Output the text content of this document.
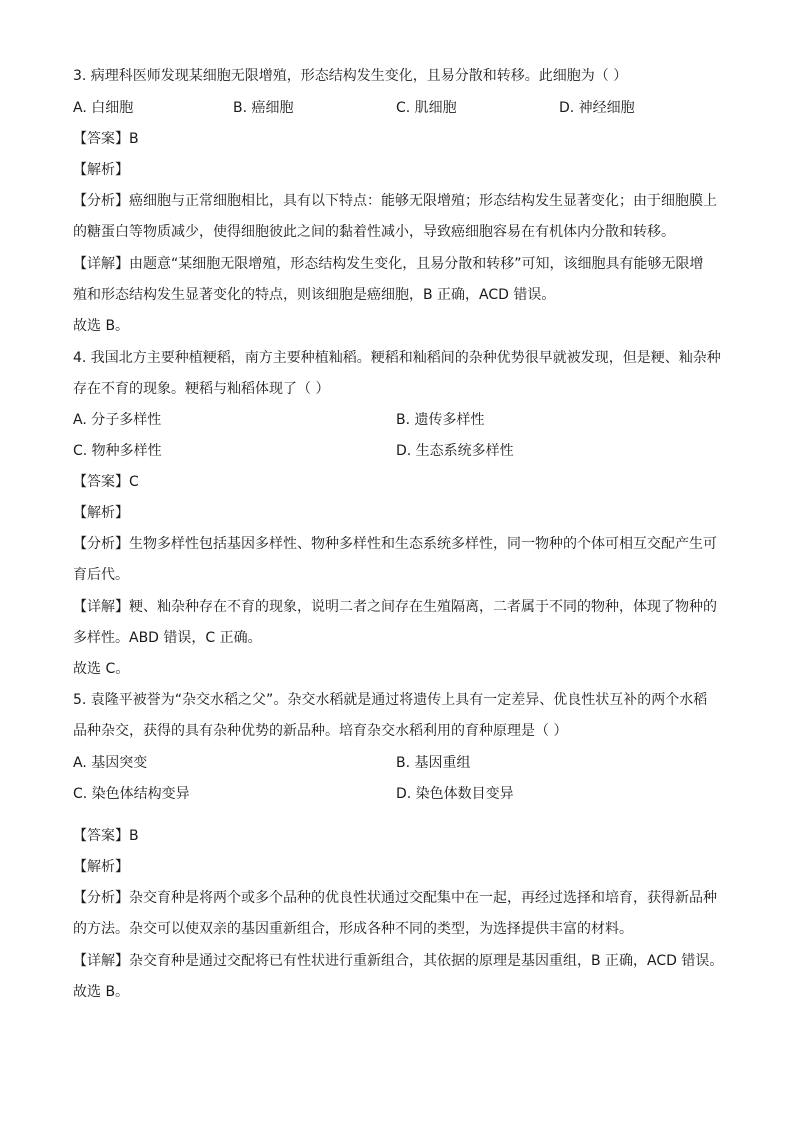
3. 病理科医师发现某细胞无限增殖，形态结构发生变化，且易分散和转移。此细胞为（ ）
A. 白细胞	B. 癌细胞	C. 肌细胞	D. 神经细胞
【答案】B
【解析】
【分析】癌细胞与正常细胞相比，具有以下特点：能够无限增殖；形态结构发生显著变化；由于细胞膜上
的糖蛋白等物质减少，使得细胞彼此之间的黏着性减小，导致癌细胞容易在有机体内分散和转移。
【详解】由题意“某细胞无限增殖，形态结构发生变化，且易分散和转移”可知，该细胞具有能够无限增
殖和形态结构发生显著变化的特点，则该细胞是癌细胞，B 正确，ACD 错误。
故选 B。
4. 我国北方主要种植粳稻，南方主要种植籼稻。粳稻和籼稻间的杂种优势很早就被发现，但是粳、籼杂种
存在不育的现象。粳稻与籼稻体现了（ ）
A. 分子多样性	B. 遗传多样性
C. 物种多样性	D. 生态系统多样性
【答案】C
【解析】
【分析】生物多样性包括基因多样性、物种多样性和生态系统多样性，同一物种的个体可相互交配产生可
育后代。
【详解】粳、籼杂种存在不育的现象，说明二者之间存在生殖隔离，二者属于不同的物种，体现了物种的
多样性。ABD 错误，C 正确。
故选 C。
5. 袁隆平被誉为“杂交水稻之父”。杂交水稻就是通过将遗传上具有一定差异、优良性状互补的两个水稻
品种杂交，获得的具有杂种优势的新品种。培育杂交水稻利用的育种原理是（ ）
A. 基因突变	B. 基因重组
C. 染色体结构变异	D. 染色体数目变异
【答案】B
【解析】
【分析】杂交育种是将两个或多个品种的优良性状通过交配集中在一起，再经过选择和培育，获得新品种
的方法。杂交可以使双亲的基因重新组合，形成各种不同的类型，为选择提供丰富的材料。
【详解】杂交育种是通过交配将已有性状进行重新组合，其依据的原理是基因重组，B 正确，ACD 错误。
故选 B。
